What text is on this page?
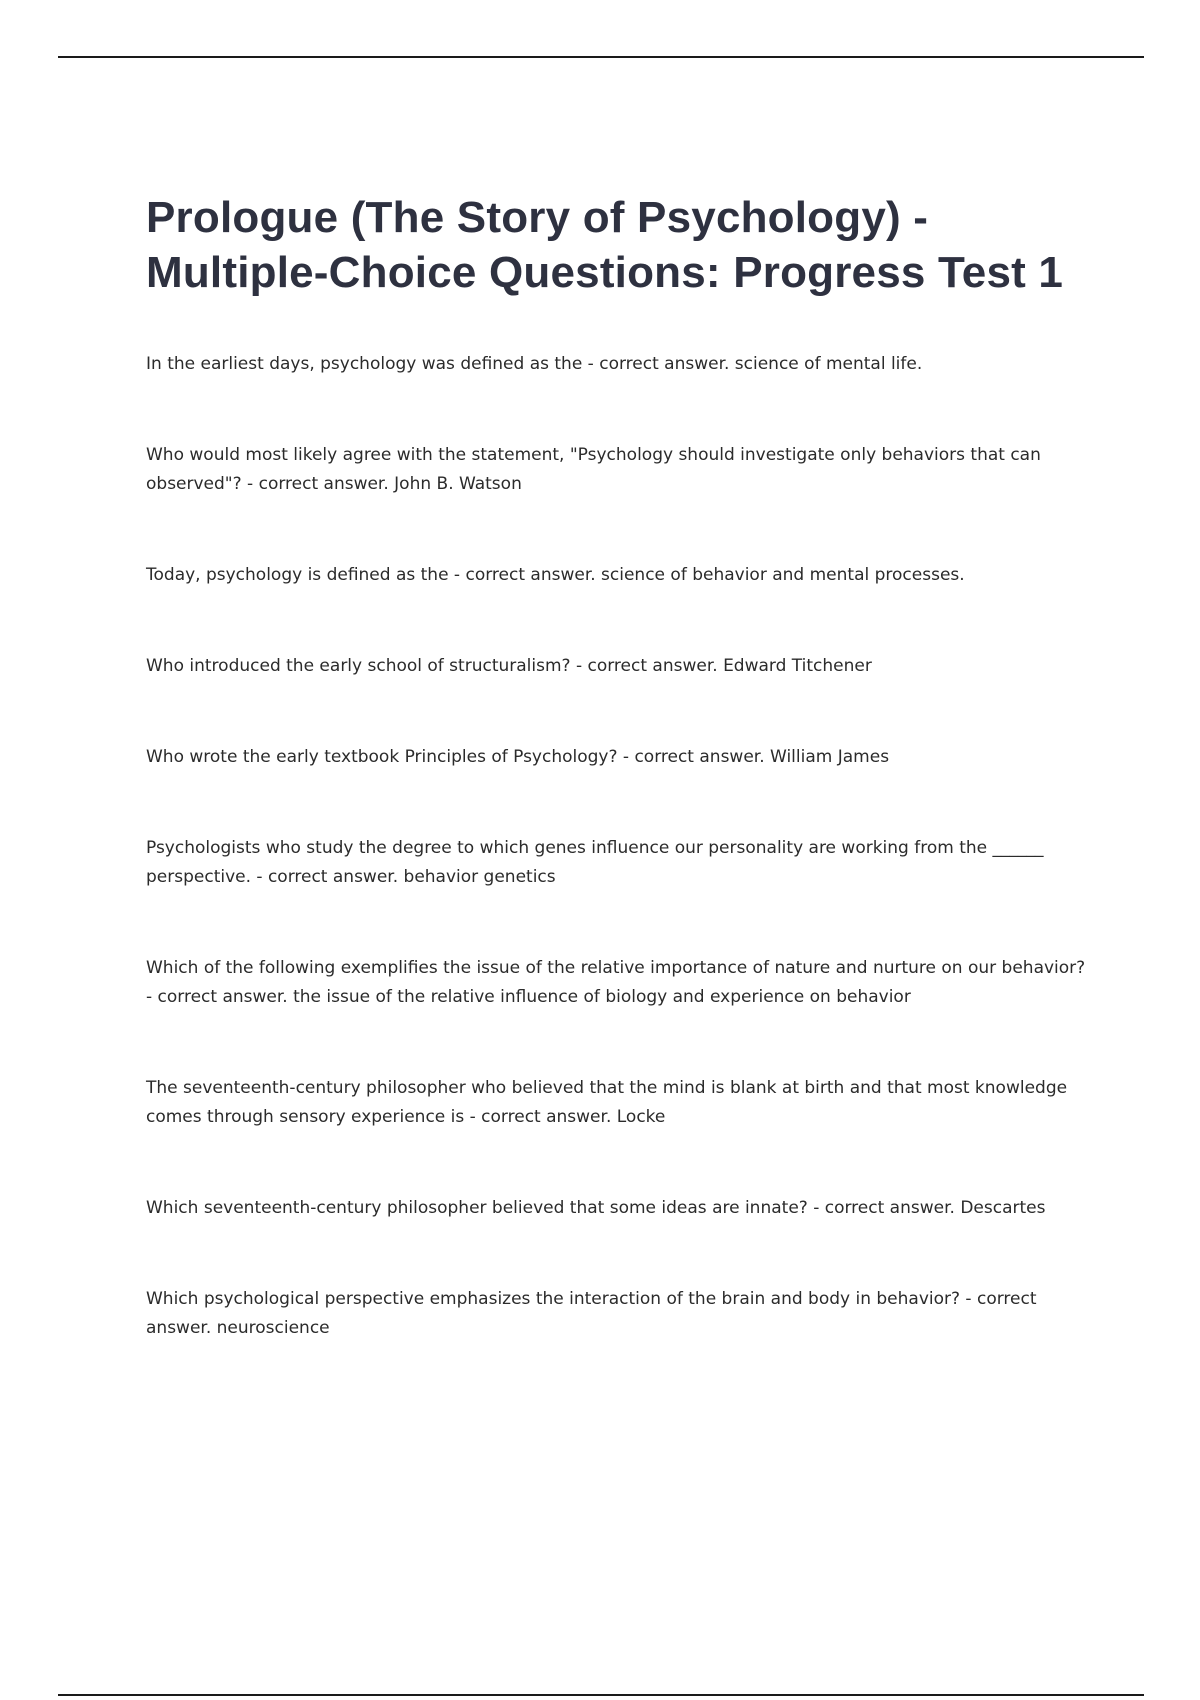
Prologue (The Story of Psychology) - Multiple-Choice Questions: Progress Test 1

In the earliest days, psychology was defined as the - correct answer. science of mental life.

Who would most likely agree with the statement, "Psychology should investigate only behaviors that can observed"? - correct answer. John B. Watson

Today, psychology is defined as the - correct answer. science of behavior and mental processes.

Who introduced the early school of structuralism? - correct answer. Edward Titchener

Who wrote the early textbook Principles of Psychology? - correct answer. William James

Psychologists who study the degree to which genes influence our personality are working from the ______ perspective. - correct answer. behavior genetics

Which of the following exemplifies the issue of the relative importance of nature and nurture on our behavior? - correct answer. the issue of the relative influence of biology and experience on behavior

The seventeenth-century philosopher who believed that the mind is blank at birth and that most knowledge comes through sensory experience is - correct answer. Locke

Which seventeenth-century philosopher believed that some ideas are innate? - correct answer. Descartes

Which psychological perspective emphasizes the interaction of the brain and body in behavior? - correct answer. neuroscience
